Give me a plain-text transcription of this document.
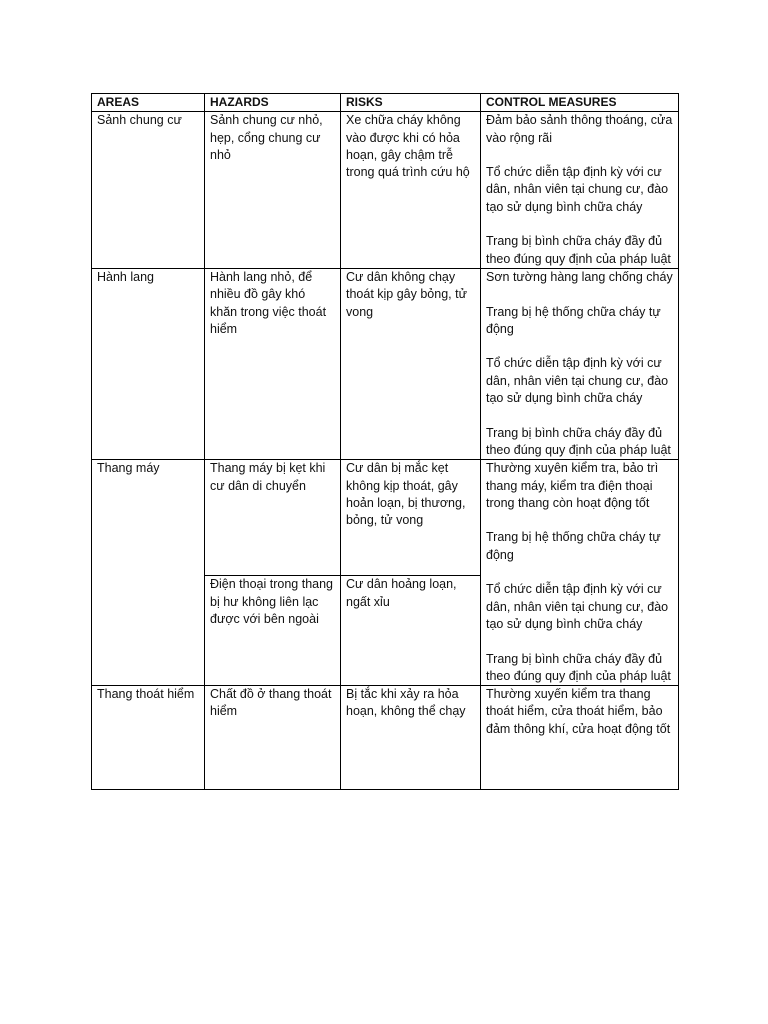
AREAS	HAZARDS	RISKS	CONTROL MEASURES
Sảnh chung cư	Sảnh chung cư nhỏ, hẹp, cổng chung cư nhỏ	Xe chữa cháy không vào được khi có hỏa hoạn, gây chậm trễ trong quá trình cứu hộ	Đảm bảo sảnh thông thoáng, cửa vào rộng rãi

Tổ chức diễn tập định kỳ với cư dân, nhân viên tại chung cư, đào tạo sử dụng bình chữa cháy

Trang bị bình chữa cháy đầy đủ theo đúng quy định của pháp luật

Hành lang	Hành lang nhỏ, để nhiều đồ gây khó khăn trong việc thoát hiểm	Cư dân không chạy thoát kịp gây bỏng, tử vong	Sơn tường hàng lang chống cháy

Trang bị hệ thống chữa cháy tự động

Tổ chức diễn tập định kỳ với cư dân, nhân viên tại chung cư, đào tạo sử dụng bình chữa cháy

Trang bị bình chữa cháy đầy đủ theo đúng quy định của pháp luật

Thang máy	Thang máy bị kẹt khi cư dân di chuyển	Cư dân bị mắc kẹt không kịp thoát, gây hoản loạn, bị thương, bỏng, tử vong	Thường xuyên kiểm tra, bảo trì thang máy, kiểm tra điện thoại trong thang còn hoạt động tốt

Trang bị hệ thống chữa cháy tự động

Tổ chức diễn tập định kỳ với cư dân, nhân viên tại chung cư, đào tạo sử dụng bình chữa cháy

Trang bị bình chữa cháy đầy đủ theo đúng quy định của pháp luật

	Điện thoại trong thang bị hư không liên lạc được với bên ngoài	Cư dân hoảng loạn, ngất xỉu	
Thang thoát hiểm	Chất đồ ở thang thoát hiểm	Bị tắc khi xảy ra hỏa hoạn, không thể chạy	Thường xuyến kiểm tra thang thoát hiểm, cửa thoát hiểm, bảo đảm thông khí, cửa hoạt động tốt
